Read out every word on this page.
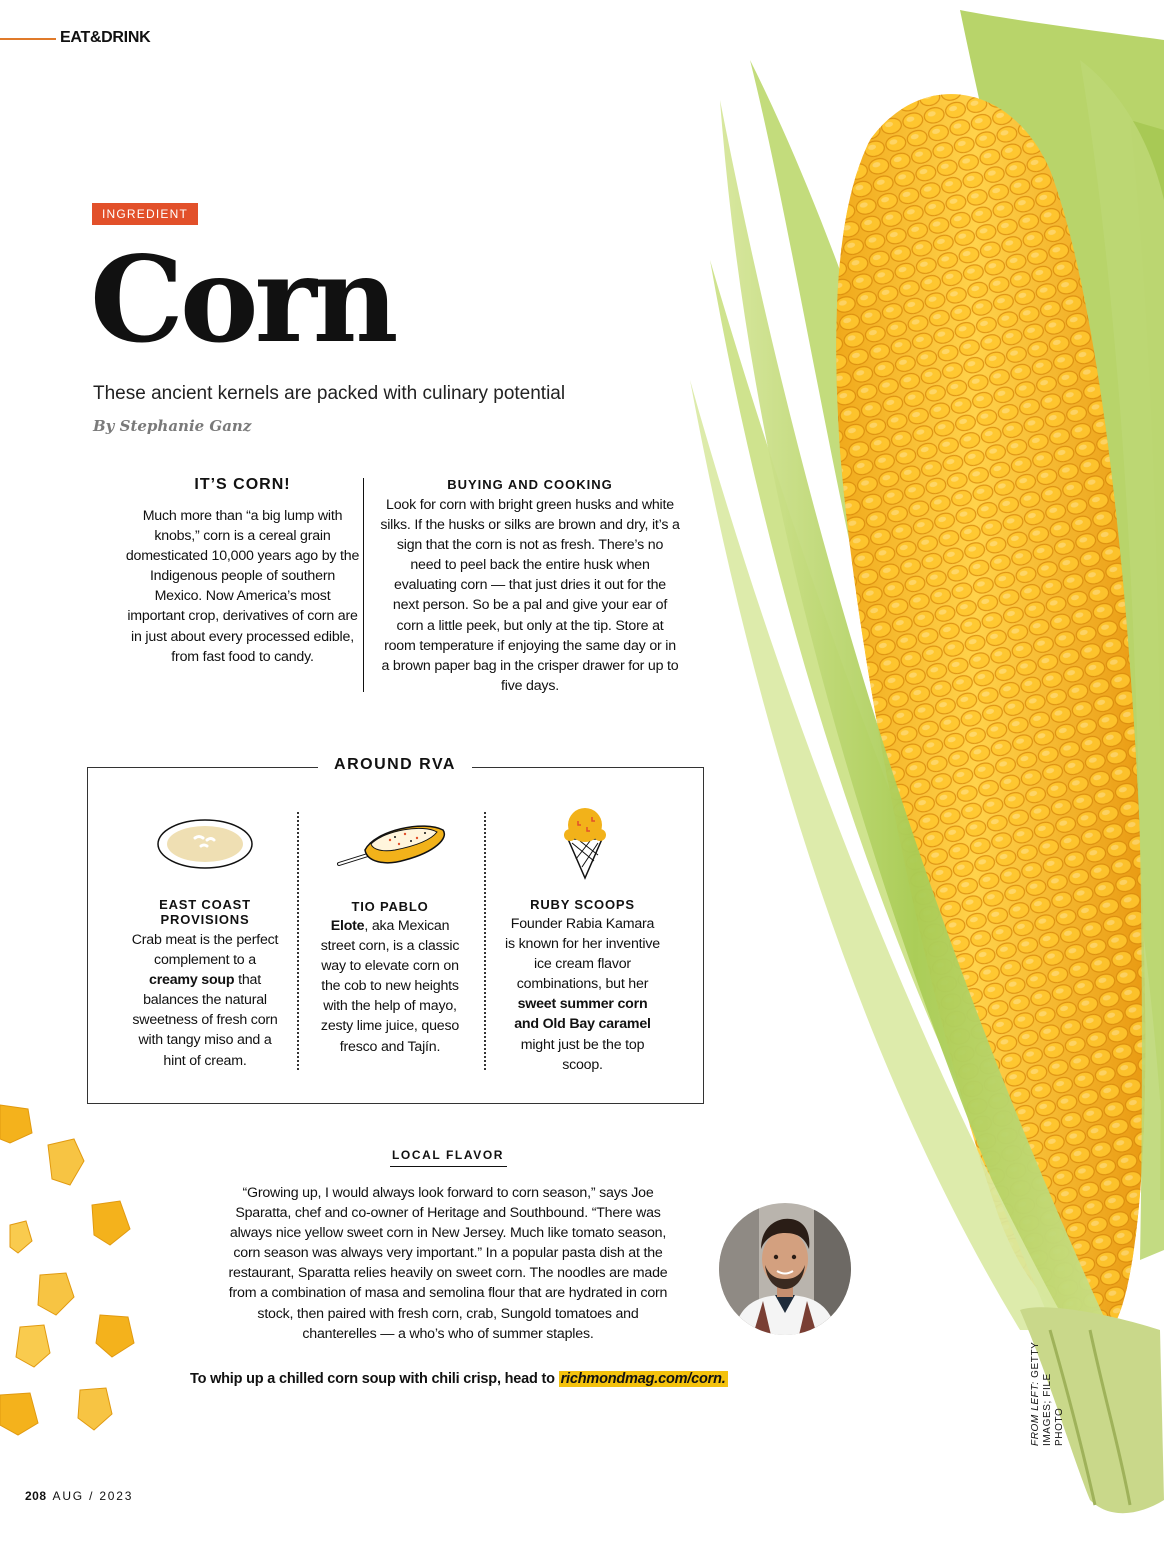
EAT&DRINK
INGREDIENT
Corn
These ancient kernels are packed with culinary potential
By Stephanie Ganz
IT’S CORN!
Much more than “a big lump with knobs,” corn is a cereal grain domesticated 10,000 years ago by the Indigenous people of southern Mexico. Now America’s most important crop, derivatives of corn are in just about every processed edible, from fast food to candy.
BUYING AND COOKING
Look for corn with bright green husks and white silks. If the husks or silks are brown and dry, it’s a sign that the corn is not as fresh. There’s no need to peel back the entire husk when evaluating corn — that just dries it out for the next person. So be a pal and give your ear of corn a little peek, but only at the tip. Store at room temperature if enjoying the same day or in a brown paper bag in the crisper drawer for up to five days.
AROUND RVA
EAST COAST PROVISIONS
Crab meat is the perfect complement to a creamy soup that balances the natural sweetness of fresh corn with tangy miso and a hint of cream.
TIO PABLO
Elote, aka Mexican street corn, is a classic way to elevate corn on the cob to new heights with the help of mayo, zesty lime juice, queso fresco and Tajín.
RUBY SCOOPS
Founder Rabia Kamara is known for her inventive ice cream flavor combinations, but her sweet summer corn and Old Bay caramel might just be the top scoop.
LOCAL FLAVOR
“Growing up, I would always look forward to corn season,” says Joe Sparatta, chef and co-owner of Heritage and Southbound. “There was always nice yellow sweet corn in New Jersey. Much like tomato season, corn season was always very important.” In a popular pasta dish at the restaurant, Sparatta relies heavily on sweet corn. The noodles are made from a combination of masa and semolina flour that are hydrated in corn stock, then paired with fresh corn, crab, Sungold tomatoes and chanterelles — a who’s who of summer staples.
To whip up a chilled corn soup with chili crisp, head to richmondmag.com/corn.
FROM LEFT: GETTY IMAGES; FILE PHOTO
208 AUG / 2023
